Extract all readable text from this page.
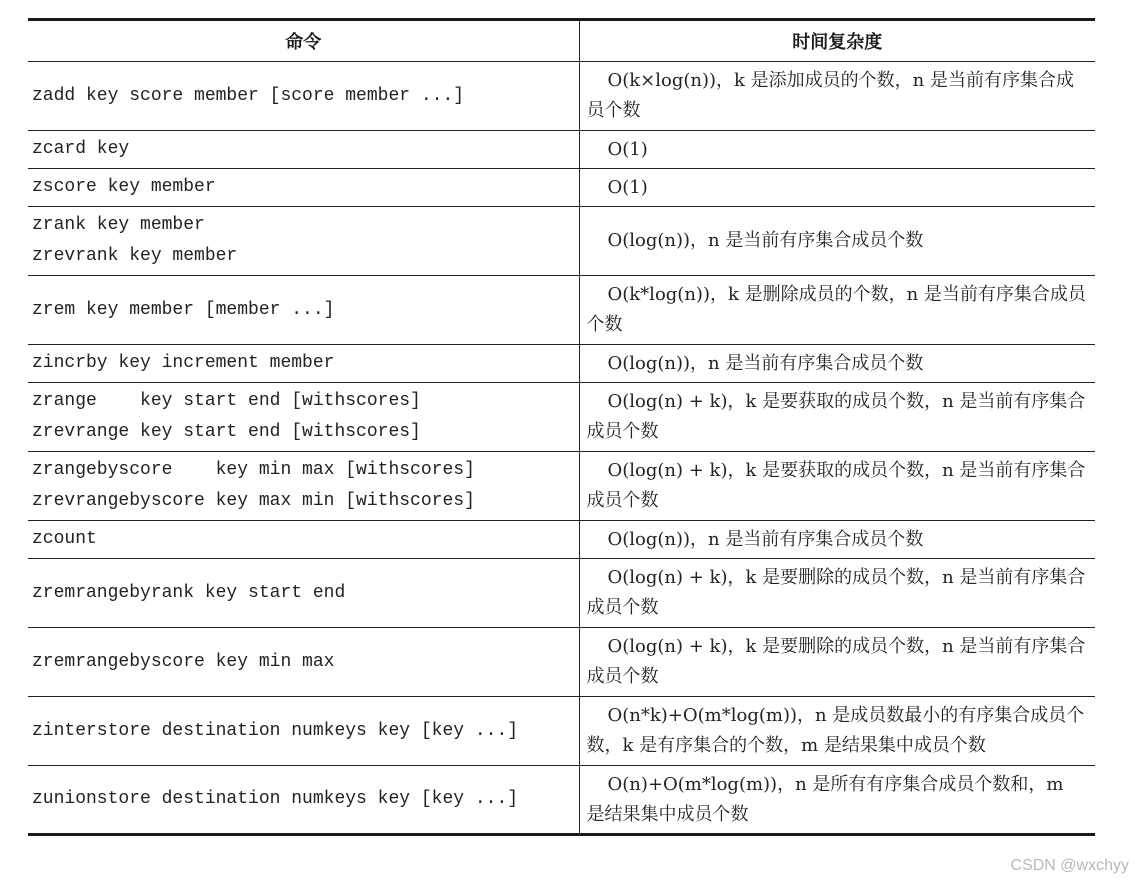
命令	时间复杂度

zadd key score member [score member ...]	O(k×log(n))，k 是添加成员的个数，n 是当前有序集合成员个数

zcard key	O(1)

zscore key member	O(1)

zrank key member
zrevrank key member	O(log(n))，n 是当前有序集合成员个数

zrem key member [member ...]	O(k*log(n))，k 是删除成员的个数，n 是当前有序集合成员个数

zincrby key increment member	O(log(n))，n 是当前有序集合成员个数

zrange    key start end [withscores]
zrevrange key start end [withscores]	O(log(n) + k)，k 是要获取的成员个数，n 是当前有序集合成员个数

zrangebyscore    key min max [withscores]
zrevrangebyscore key max min [withscores]	O(log(n) + k)，k 是要获取的成员个数，n 是当前有序集合成员个数

zcount	O(log(n))，n 是当前有序集合成员个数

zremrangebyrank key start end	O(log(n) + k)，k 是要删除的成员个数，n 是当前有序集合成员个数

zremrangebyscore key min max	O(log(n) + k)，k 是要删除的成员个数，n 是当前有序集合成员个数

zinterstore destination numkeys key [key ...]	O(n*k)+O(m*log(m))，n 是成员数最小的有序集合成员个数，k 是有序集合的个数，m 是结果集中成员个数

zunionstore destination numkeys key [key ...]	O(n)+O(m*log(m))，n 是所有有序集合成员个数和，m 是结果集中成员个数
CSDN @wxchyy
